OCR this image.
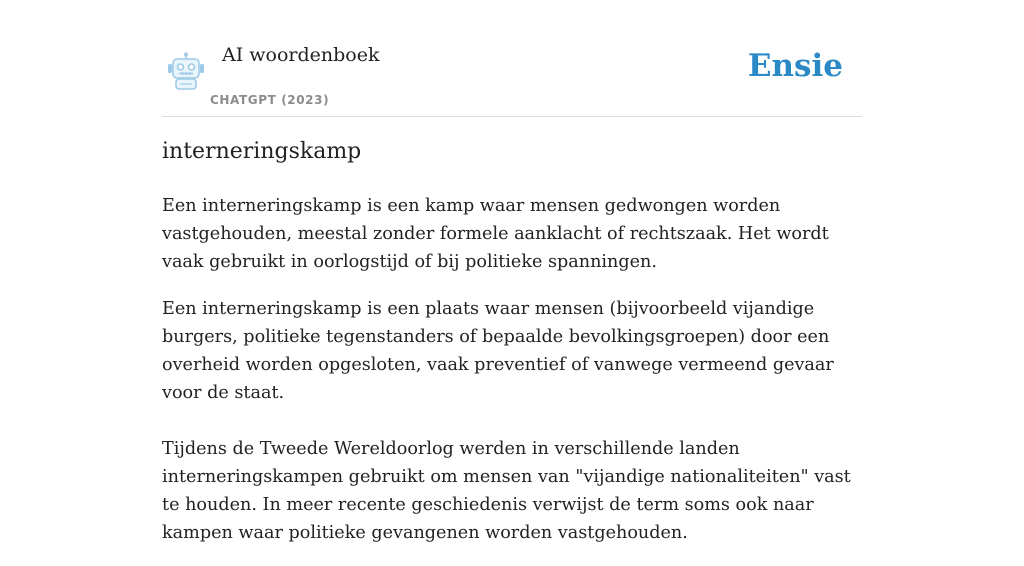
AI woordenboek
CHATGPT (2023)
Ensie
interneringskamp

Een interneringskamp is een kamp waar mensen gedwongen worden vastgehouden, meestal zonder formele aanklacht of rechtszaak. Het wordt vaak gebruikt in oorlogstijd of bij politieke spanningen.

Een interneringskamp is een plaats waar mensen (bijvoorbeeld vijandige burgers, politieke tegenstanders of bepaalde bevolkingsgroepen) door een overheid worden opgesloten, vaak preventief of vanwege vermeend gevaar voor de staat.

Tijdens de Tweede Wereldoorlog werden in verschillende landen interneringskampen gebruikt om mensen van "vijandige nationaliteiten" vast te houden. In meer recente geschiedenis verwijst de term soms ook naar kampen waar politieke gevangenen worden vastgehouden.
